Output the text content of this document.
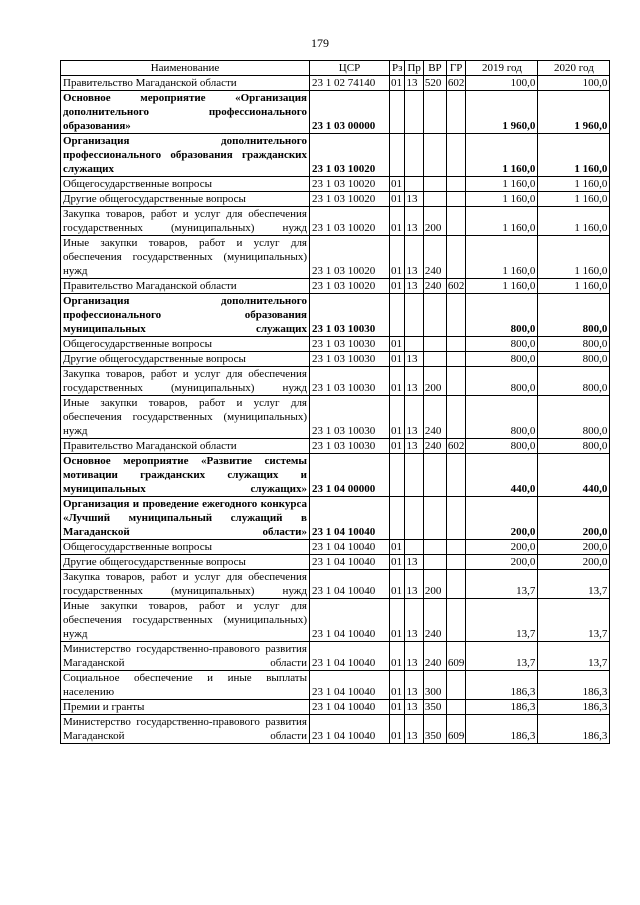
179
Наименование	ЦСР	Рз	Пр	ВР	ГР	2019 год	2020 год
Правительство Магаданской области	23 1 02 74140	01	13	520	602	100,0	100,0
Основное мероприятие «Организация дополнительного профессионального образования»	23 1 03 00000					1 960,0	1 960,0
Организация дополнительного профессионального образования гражданских служащих	23 1 03 10020					1 160,0	1 160,0
Общегосударственные вопросы	23 1 03 10020	01				1 160,0	1 160,0
Другие общегосударственные вопросы	23 1 03 10020	01	13			1 160,0	1 160,0
Закупка товаров, работ и услуг для обеспечения государственных (муниципальных) нужд	23 1 03 10020	01	13	200		1 160,0	1 160,0
Иные закупки товаров, работ и услуг для обеспечения государственных (муниципальных) нужд	23 1 03 10020	01	13	240		1 160,0	1 160,0
Правительство Магаданской области	23 1 03 10020	01	13	240	602	1 160,0	1 160,0
Организация дополнительного профессионального образования муниципальных служащих	23 1 03 10030					800,0	800,0
Общегосударственные вопросы	23 1 03 10030	01				800,0	800,0
Другие общегосударственные вопросы	23 1 03 10030	01	13			800,0	800,0
Закупка товаров, работ и услуг для обеспечения государственных (муниципальных) нужд	23 1 03 10030	01	13	200		800,0	800,0
Иные закупки товаров, работ и услуг для обеспечения государственных (муниципальных) нужд	23 1 03 10030	01	13	240		800,0	800,0
Правительство Магаданской области	23 1 03 10030	01	13	240	602	800,0	800,0
Основное мероприятие «Развитие системы мотивации гражданских служащих и муниципальных служащих»	23 1 04 00000					440,0	440,0
Организация и проведение ежегодного конкурса «Лучший муниципальный служащий в Магаданской области»	23 1 04 10040					200,0	200,0
Общегосударственные вопросы	23 1 04 10040	01				200,0	200,0
Другие общегосударственные вопросы	23 1 04 10040	01	13			200,0	200,0
Закупка товаров, работ и услуг для обеспечения государственных (муниципальных) нужд	23 1 04 10040	01	13	200		13,7	13,7
Иные закупки товаров, работ и услуг для обеспечения государственных (муниципальных) нужд	23 1 04 10040	01	13	240		13,7	13,7
Министерство государственно-правового развития Магаданской области	23 1 04 10040	01	13	240	609	13,7	13,7
Социальное обеспечение и иные выплаты населению	23 1 04 10040	01	13	300		186,3	186,3
Премии и гранты	23 1 04 10040	01	13	350		186,3	186,3
Министерство государственно-правового развития Магаданской области	23 1 04 10040	01	13	350	609	186,3	186,3
